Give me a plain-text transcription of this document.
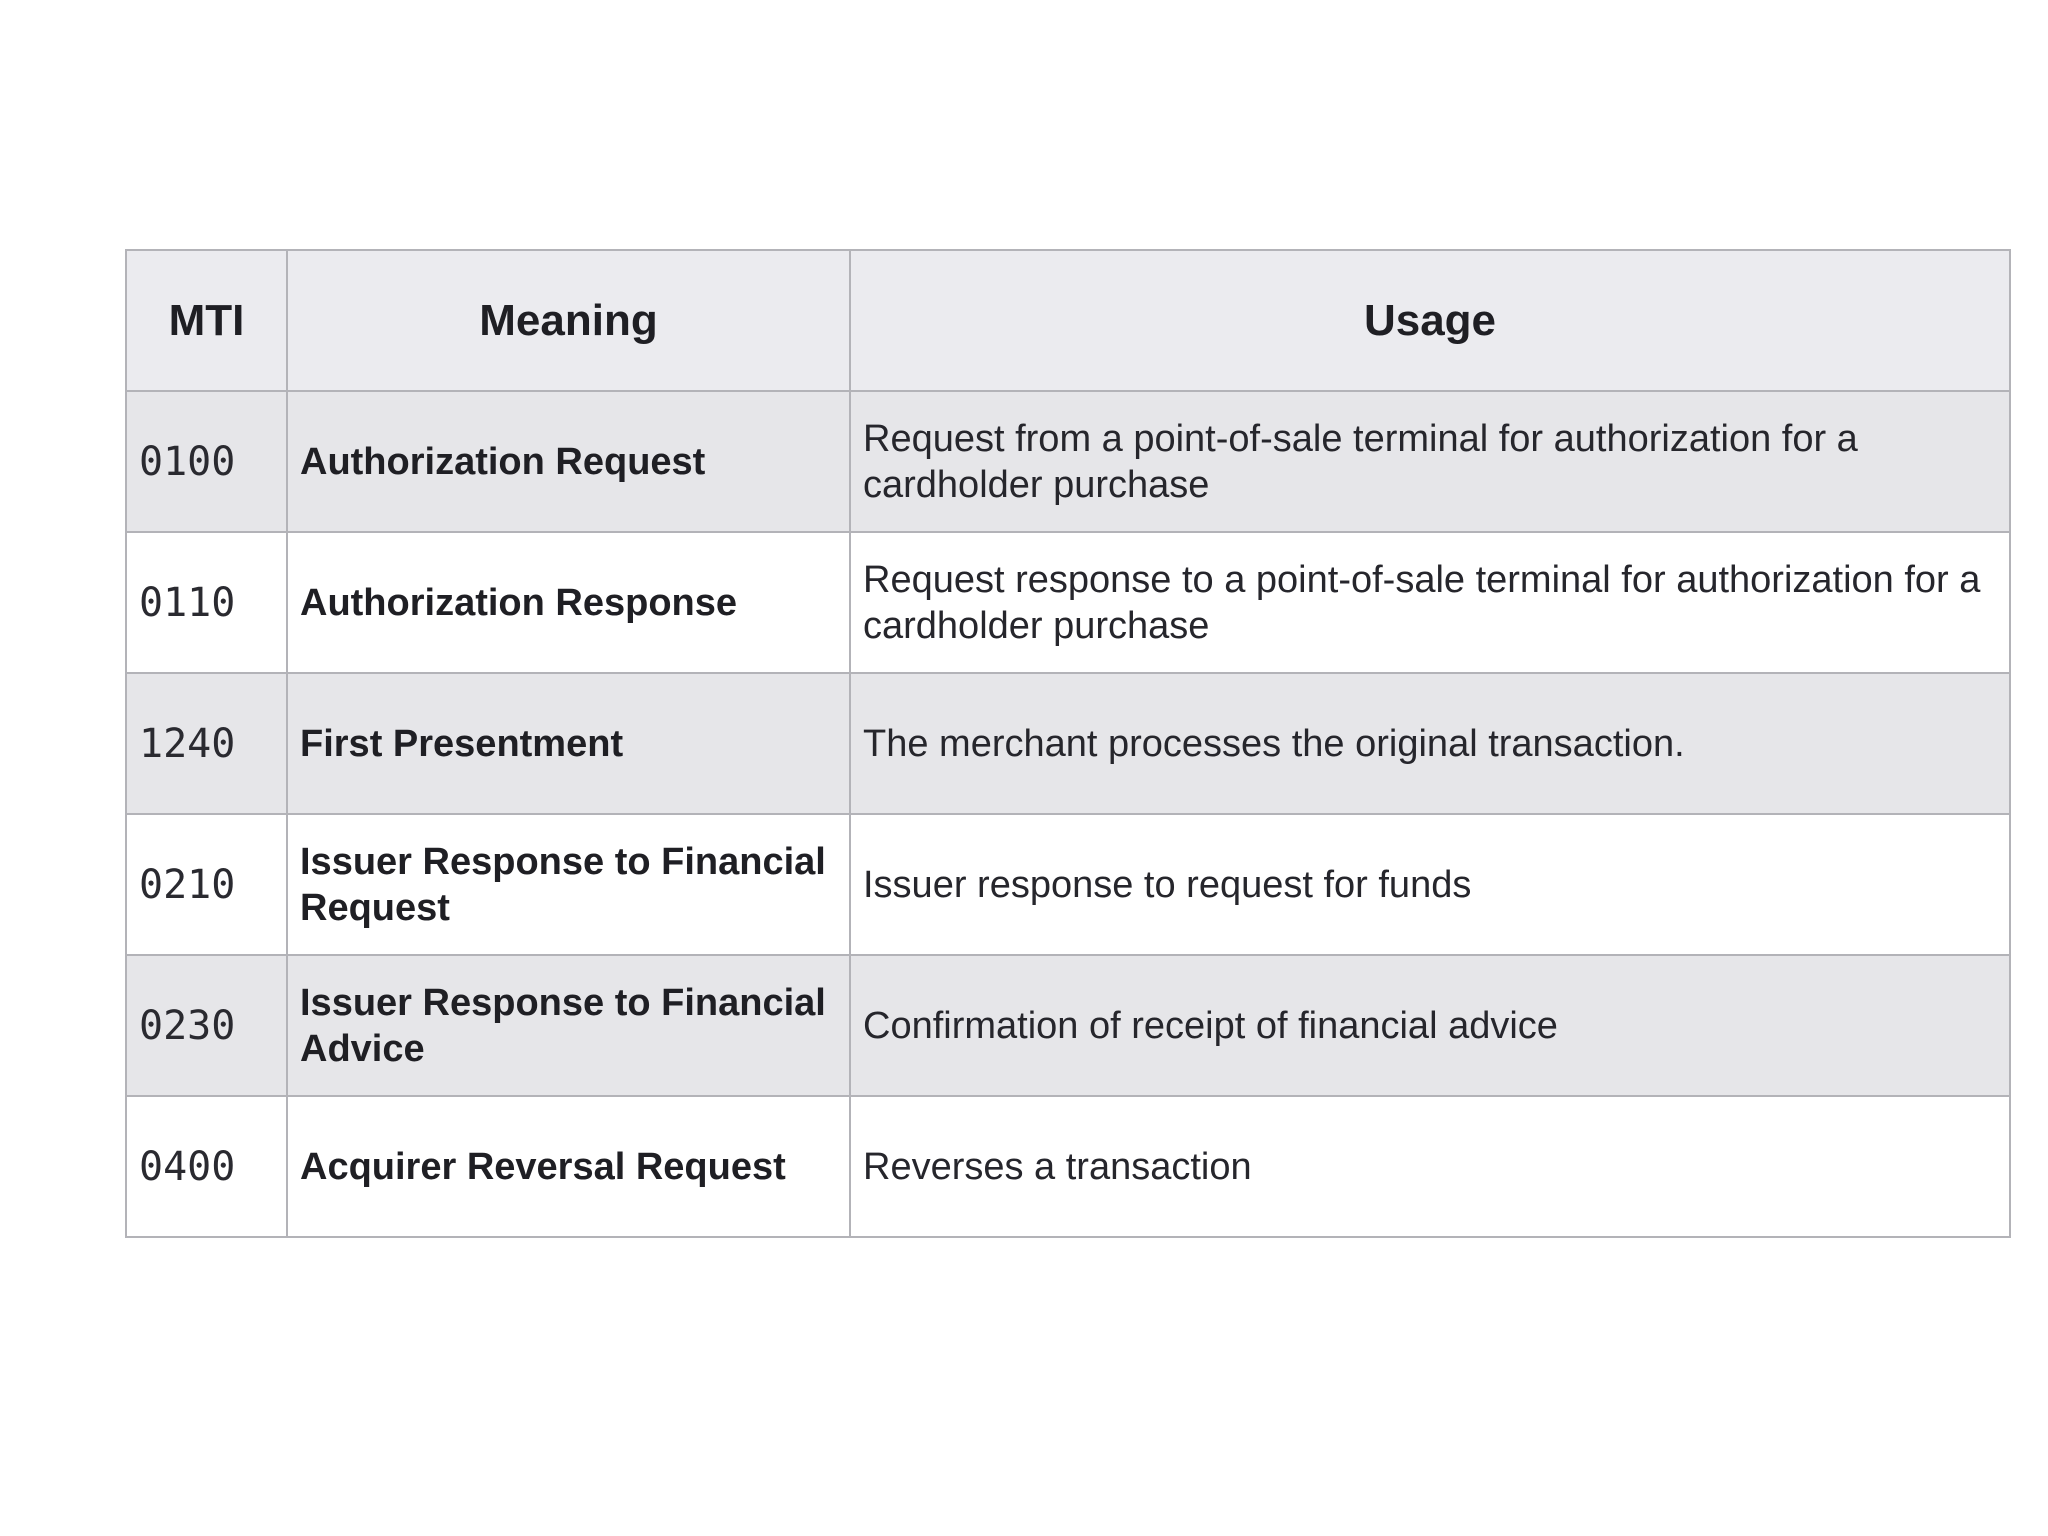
MTI	Meaning	Usage
0100	Authorization Request	Request from a point-of-sale terminal for authorization for a cardholder purchase
0110	Authorization Response	Request response to a point-of-sale terminal for authorization for a cardholder purchase
1240	First Presentment	The merchant processes the original transaction.
0210	Issuer Response to Financial Request	Issuer response to request for funds
0230	Issuer Response to Financial Advice	Confirmation of receipt of financial advice
0400	Acquirer Reversal Request	Reverses a transaction
